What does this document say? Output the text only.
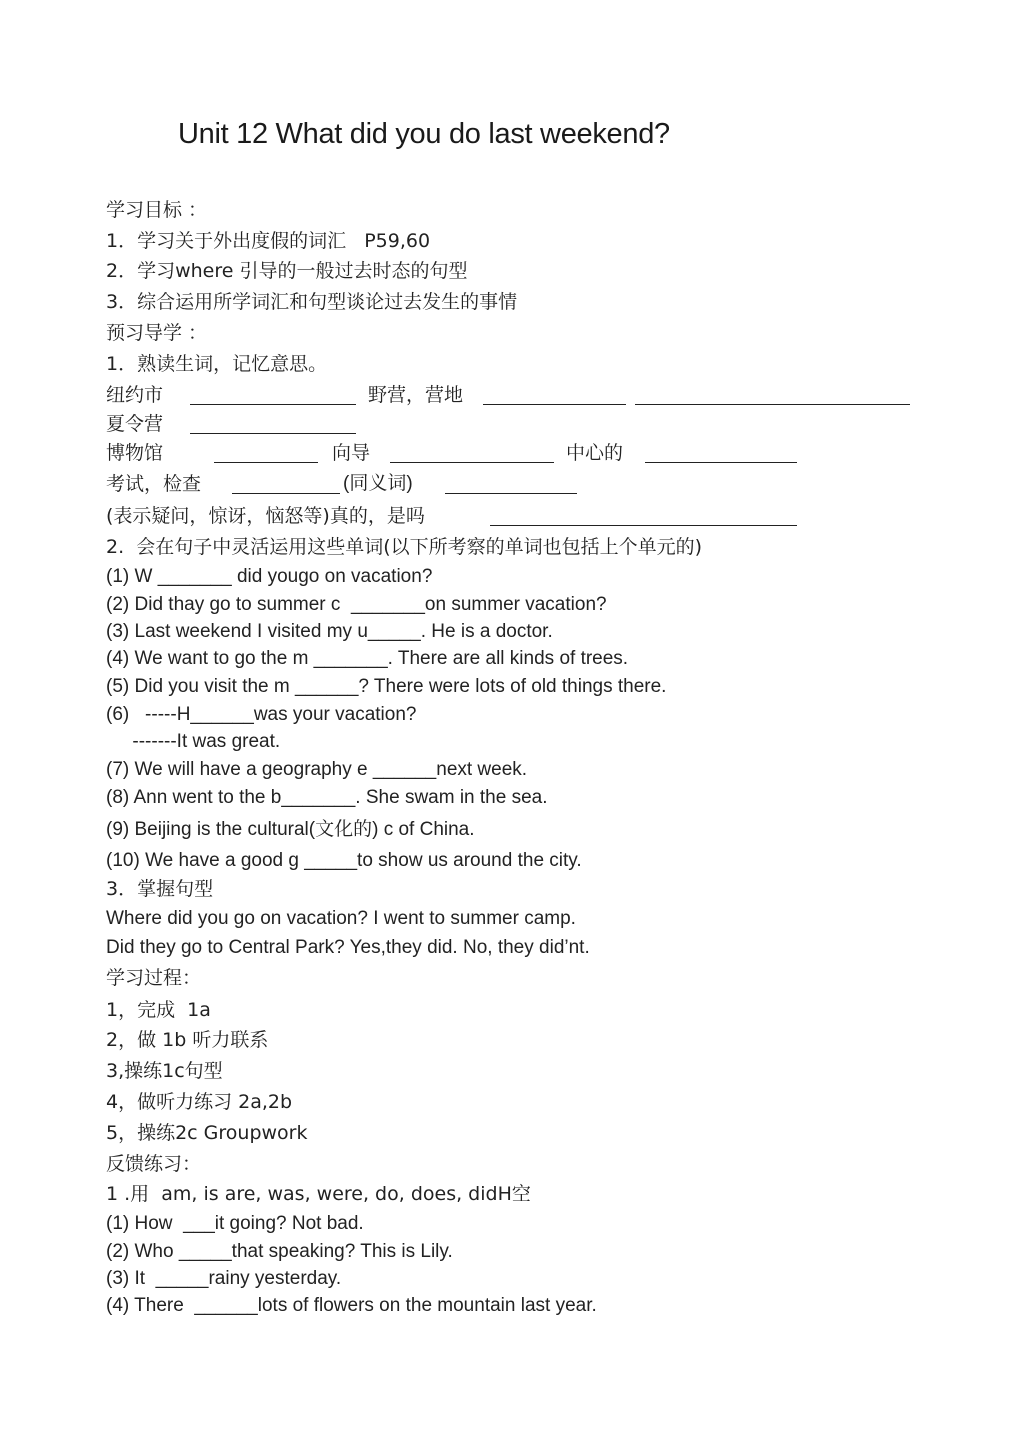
Unit 12 What did you do last weekend?
学习目标 ：
1．学习关于外出度假的词汇   P59,60
2．学习where 引导的一般过去时态的句型
3．综合运用所学词汇和句型谈论过去发生的事情
预习导学 ：
1．熟读生词，记忆意思。
纽约市	野营，营地
夏令营
博物馆	向导	中心的
考试，检查	(同义词)
(表示疑问，惊讶，恼怒等)真的，是吗
2.  会在句子中灵活运用这些单词(以下所考察的单词也包括上个单元的)
(1) W _______ did yougo on vacation?
(2) Did thay go to summer c  _______on summer vacation?
(3) Last weekend I visited my u_____. He is a doctor.
(4) We want to go the m _______. There are all kinds of trees.
(5) Did you visit the m ______? There were lots of old things there.
(6)   -----H______was your vacation?
-------It was great.
(7) We will have a geography e ______next week.
(8) Ann went to the b_______. She swam in the sea.
(9) Beijing is the cultural(文化的) c of China.
(10) We have a good g _____to show us around the city.
3．掌握句型
Where did you go on vacation? I went to summer camp.
Did they go to Central Park? Yes,they did. No, they did’nt.
学习过程：
1，完成  1a
2，做 1b 听力联系
3,操练1c句型
4，做听力练习 2a,2b
5，操练2c Groupwork
反馈练习：
1 .用  am, is are, was, were, do, does, didH空
(1) How  ___it going? Not bad.
(2) Who _____that speaking? This is Lily.
(3) It  _____rainy yesterday.
(4) There  ______lots of flowers on the mountain last year.
